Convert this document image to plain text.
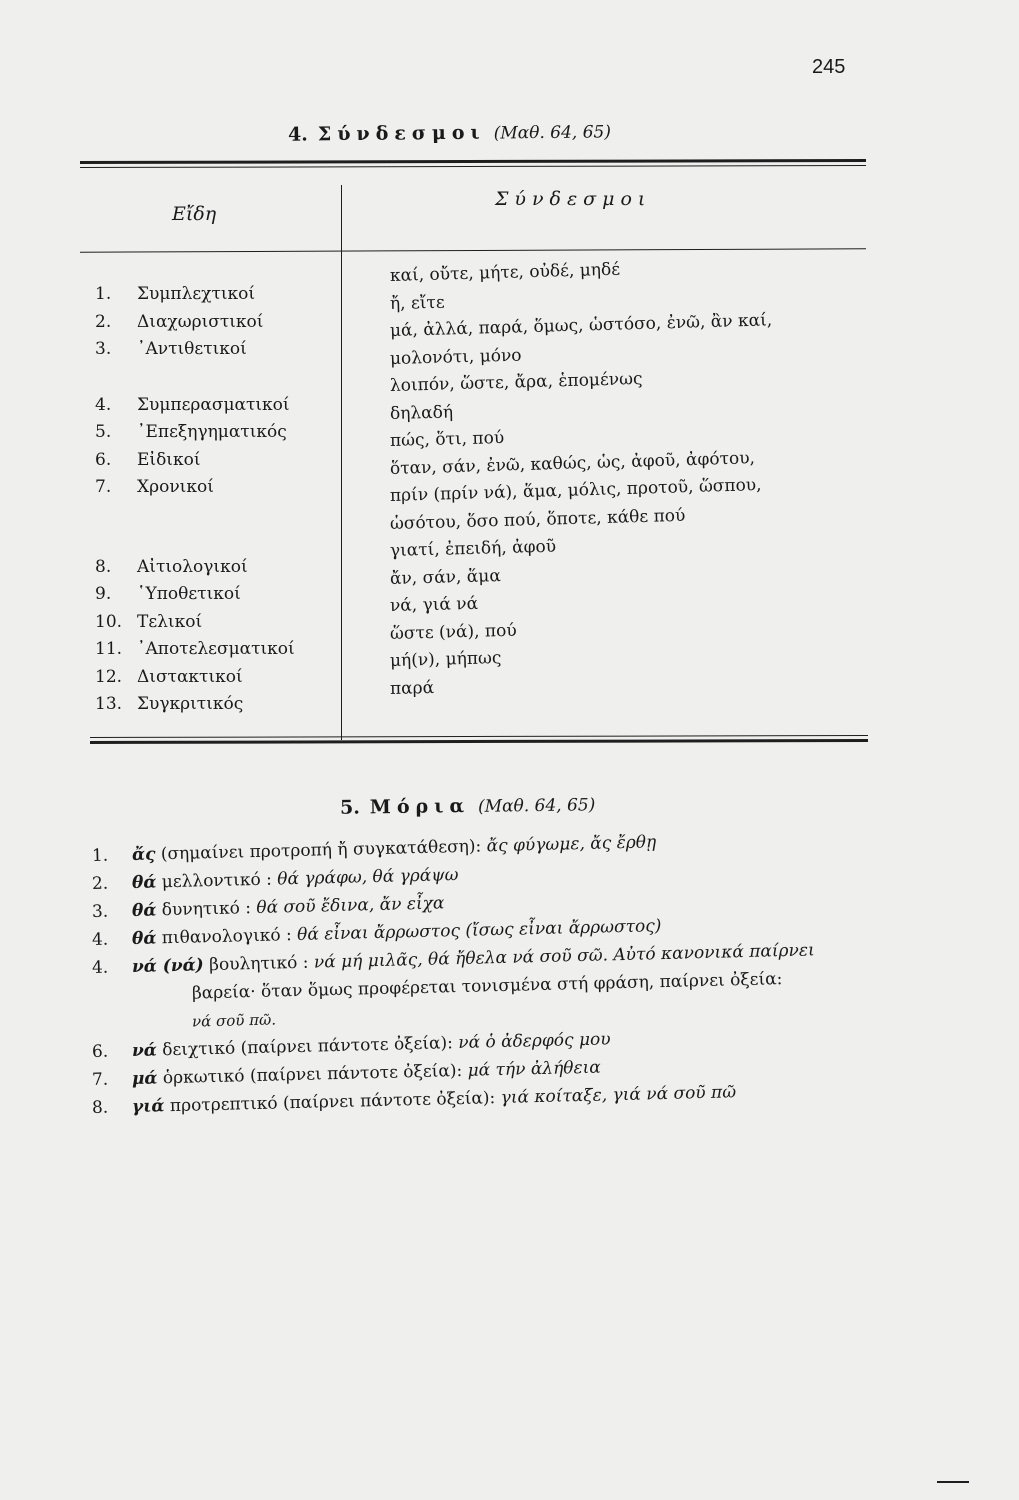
245
4. Σύνδεσμοι (Μαθ. 64, 65)
Εἴδη
Σύνδεσμοι
1. Συμπλεχτικοί
2. Διαχωριστικοί
3. ᾽Αντιθετικοί
4. Συμπερασματικοί
5. ᾽Επεξηγηματικός
6. Εἰδικοί
7. Χρονικοί
8. Αἰτιολογικοί
9. ῾Υποθετικοί
10. Τελικοί
11. ᾽Αποτελεσματικοί
12. Διστακτικοί
13. Συγκριτικός
καί, οὔτε, μήτε, οὐδέ, μηδέ
ἤ, εἴτε
μά, ἀλλά, παρά, ὅμως, ὡστόσο, ἐνῶ, ἂν καί,
μολονότι, μόνο
λοιπόν, ὥστε, ἄρα, ἑπομένως
δηλαδή
πώς, ὅτι, πού
ὅταν, σάν, ἐνῶ, καθώς, ὡς, ἀφοῦ, ἀφότου,
πρίν (πρίν νά), ἅμα, μόλις, προτοῦ, ὥσπου,
ὡσότου, ὅσο πού, ὅποτε, κάθε πού
γιατί, ἐπειδή, ἀφοῦ
ἄν, σάν, ἅμα
νά, γιά νά
ὥστε (νά), πού
μή(ν), μήπως
παρά
5. Μόρια (Μαθ. 64, 65)
1. ἄς (σημαίνει προτροπή ἤ συγκατάθεση): ἄς φύγωμε, ἄς ἔρθῃ
2. θά μελλοντικό : θά γράφω, θά γράψω
3. θά δυνητικό : θά σοῦ ἔδινα, ἄν εἶχα
4. θά πιθανολογικό : θά εἶναι ἄρρωστος (ἴσως εἶναι ἄρρωστος)
4. νά (νά) βουλητικό : νά μή μιλᾶς, θά ἤθελα νά σοῦ σῶ. Αὐτό κανονικά παίρνει
βαρεία· ὅταν ὅμως προφέρεται τονισμένα στή φράση, παίρνει ὀξεία:
νά σοῦ πῶ.
6. νά δειχτικό (παίρνει πάντοτε ὀξεία): νά ὁ ἀδερφός μου
7. μά ὁρκωτικό (παίρνει πάντοτε ὀξεία): μά τήν ἀλήθεια
8. γιά προτρεπτικό (παίρνει πάντοτε ὀξεία): γιά κοίταξε, γιά νά σοῦ πῶ
